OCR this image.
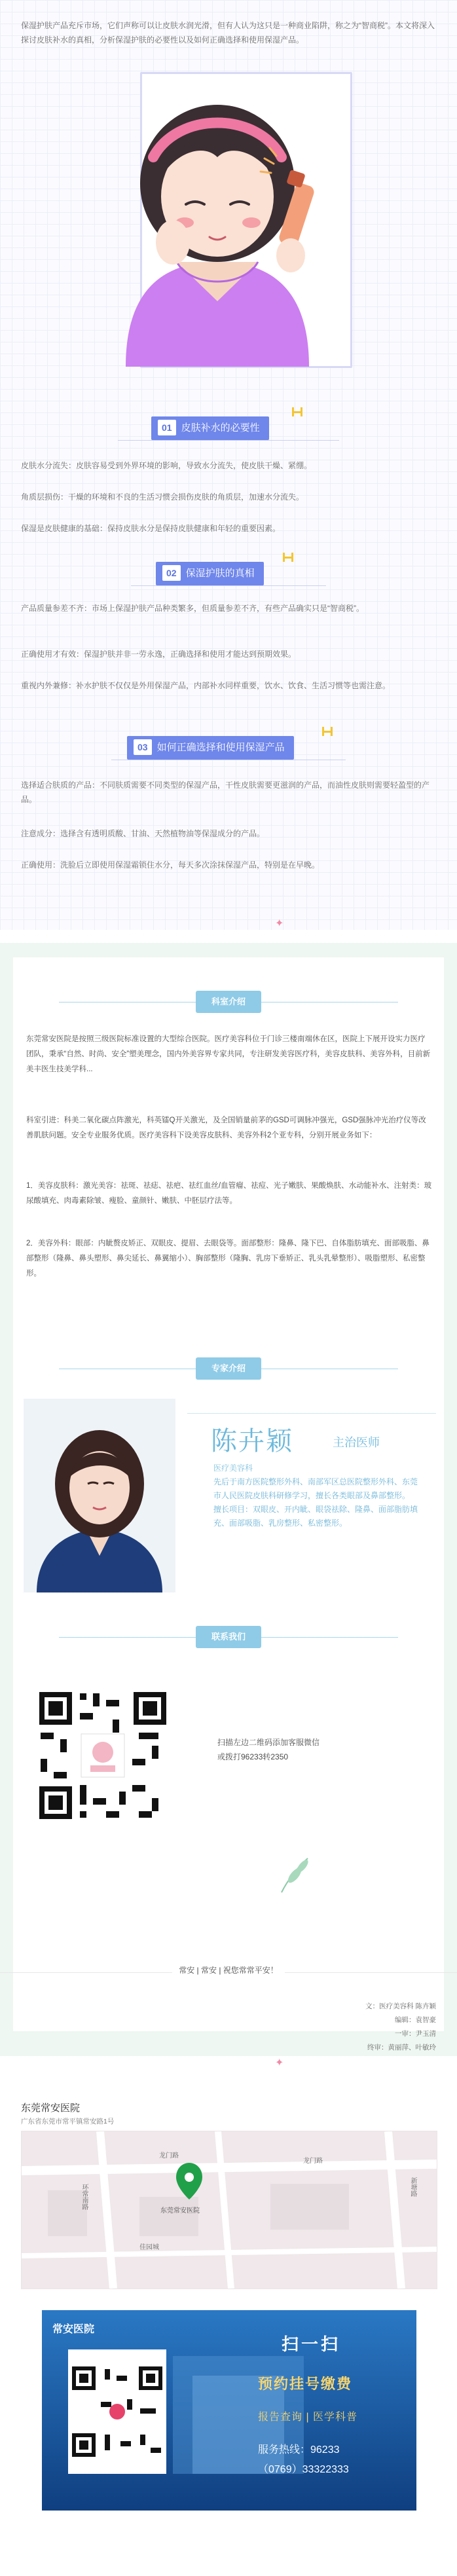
保湿护肤产品充斥市场，它们声称可以让皮肤水润光滑，但有人认为这只是一种商业陷阱，称之为“智商税”。本文将深入探讨皮肤补水的真相，分析保湿护肤的必要性以及如何正确选择和使用保湿产品。
01 皮肤补水的必要性
皮肤水分流失：皮肤容易受到外界环境的影响，导致水分流失，使皮肤干燥、紧绷。
角质层损伤：干燥的环境和不良的生活习惯会损伤皮肤的角质层，加速水分流失。
保湿是皮肤健康的基础：保持皮肤水分是保持皮肤健康和年轻的重要因素。
02 保湿护肤的真相
产品质量参差不齐：市场上保湿护肤产品种类繁多，但质量参差不齐，有些产品确实只是“智商税”。
正确使用才有效：保湿护肤并非一劳永逸，正确选择和使用才能达到预期效果。
重视内外兼修：补水护肤不仅仅是外用保湿产品，内部补水同样重要，饮水、饮食、生活习惯等也需注意。
03 如何正确选择和使用保湿产品
选择适合肤质的产品：不同肤质需要不同类型的保湿产品，干性皮肤需要更滋润的产品，而油性皮肤则需要轻盈型的产品。
注意成分：选择含有透明质酸、甘油、天然植物油等保湿成分的产品。
正确使用：洗脸后立即使用保湿霜锁住水分，每天多次涂抹保湿产品，特别是在早晚。
✦
科室介绍
东莞常安医院是按照三级医院标准设置的大型综合医院。医疗美容科位于门诊三楼南端休在区，医院上下展开设实力医疗团队，秉承“自然、时尚、安全”塑美理念，国内外美容界专家共同，专注研发美容医疗科，美容皮肤科、美容外科，目前新美丰医生技美学科...
科室引进：科美二氧化碳点阵激光，科英镭Q开关激光，及全国销量前茅的GSD可调脉冲强光，GSD强脉冲光治疗仪等改善肌肤问题。安全专业服务优质。医疗美容科下设美容皮肤科、美容外科2个亚专科，分别开展业务如下：
1．美容皮肤科：激光美容：祛斑、祛痣、祛疤、祛红血丝/血管瘤、祛痘、光子嫩肤、果酸焕肤、水动能补水、注射类：玻尿酸填充、肉毒素除皱、瘦脸、童颜针、嫩肤、中胚层疗法等。
2．美容外科：眼部：内眦赘皮矫正、双眼皮、提眉、去眼袋等。面部整形：隆鼻、隆下巴、自体脂肪填充、面部吸脂、鼻部整形（隆鼻、鼻头塑形、鼻尖延长、鼻翼缩小）、胸部整形（隆胸、乳房下垂矫正、乳头乳晕整形）、吸脂塑形、私密整形。
专家介绍
陈卉颖	主治医师
医疗美容科
先后于南方医院整形外科、南部军区总医院整形外科、东莞市人民医院皮肤科研修学习，擅长各类眼部及鼻部整形。
擅长项目：双眼皮、开内眦、眼袋祛除、隆鼻、面部脂肪填充、面部吸脂、乳房整形、私密整形。
联系我们
扫描左边二维码添加客服微信
或拨打96233转2350
常安 | 常安 | 祝您常常平安！
文：医疗美容科 陈卉颖
编辑：袁智豪
一审：尹玉清
终审：黄丽萍、叶敏玲
✦
东莞常安医院
广东省东莞市常平镇常安路1号
龙门路
龙门路
环常南路
东莞常安医院
佳园城
新塘路
常安医院
扫一扫
预约挂号缴费
报告查询 | 医学科普
服务热线：96233
（0769）33322333
